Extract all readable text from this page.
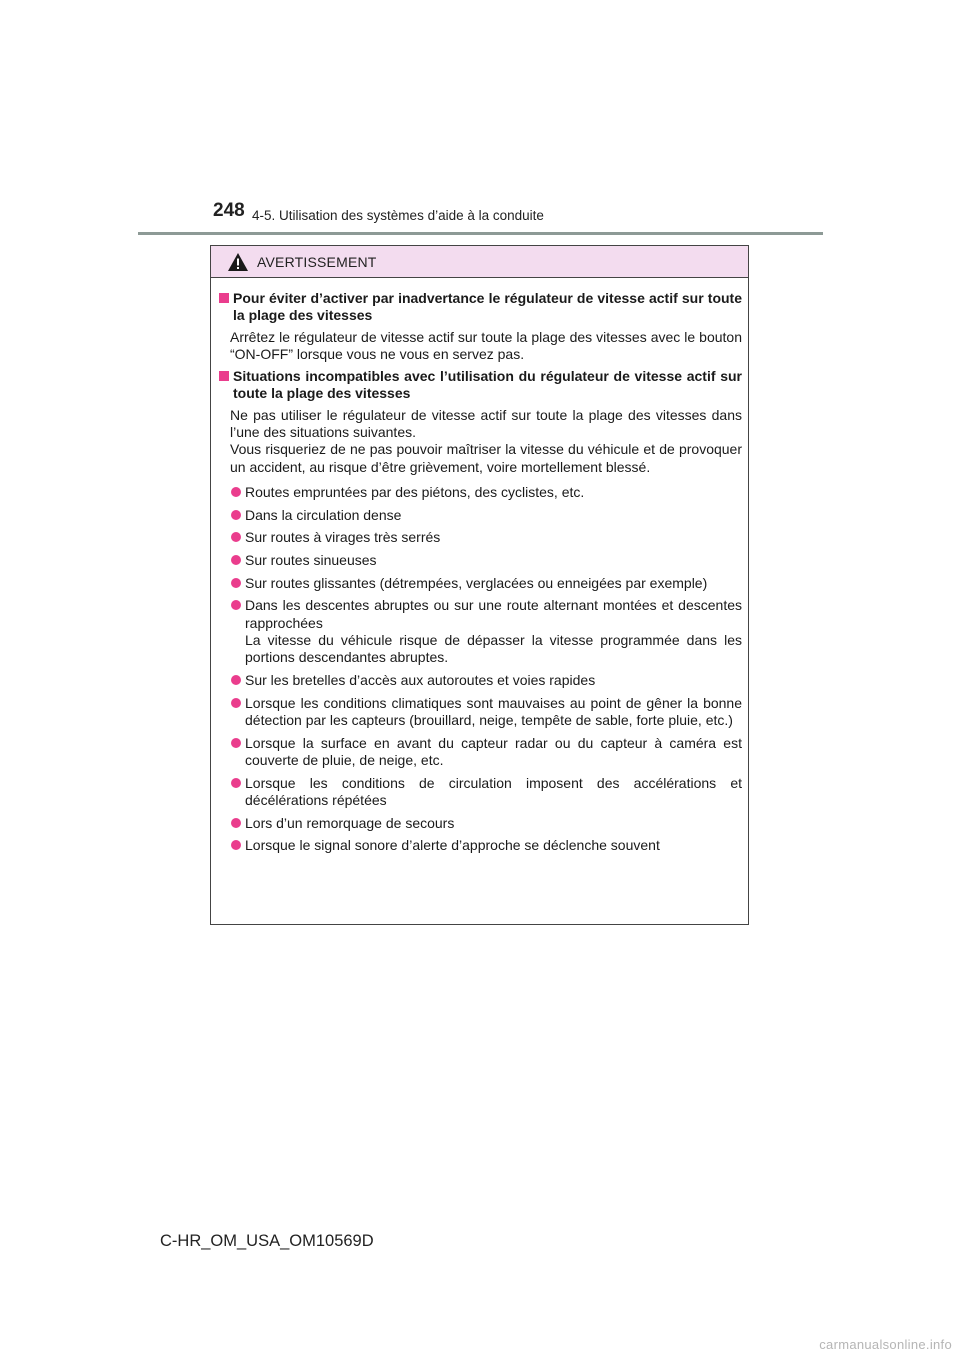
248 4-5. Utilisation des systèmes d’aide à la conduite
AVERTISSEMENT
Pour éviter d’activer par inadvertance le régulateur de vitesse actif sur toute la plage des vitesses
Arrêtez le régulateur de vitesse actif sur toute la plage des vitesses avec le bouton “ON-OFF” lorsque vous ne vous en servez pas.
Situations incompatibles avec l’utilisation du régulateur de vitesse actif sur toute la plage des vitesses
Ne pas utiliser le régulateur de vitesse actif sur toute la plage des vitesses dans l’une des situations suivantes.
Vous risqueriez de ne pas pouvoir maîtriser la vitesse du véhicule et de provoquer un accident, au risque d’être grièvement, voire mortellement blessé.
Routes empruntées par des piétons, des cyclistes, etc.
Dans la circulation dense
Sur routes à virages très serrés
Sur routes sinueuses
Sur routes glissantes (détrempées, verglacées ou enneigées par exemple)
Dans les descentes abruptes ou sur une route alternant montées et descentes rapprochées
La vitesse du véhicule risque de dépasser la vitesse programmée dans les portions descendantes abruptes.
Sur les bretelles d’accès aux autoroutes et voies rapides
Lorsque les conditions climatiques sont mauvaises au point de gêner la bonne détection par les capteurs (brouillard, neige, tempête de sable, forte pluie, etc.)
Lorsque la surface en avant du capteur radar ou du capteur à caméra est couverte de pluie, de neige, etc.
Lorsque les conditions de circulation imposent des accélérations et décélérations répétées
Lors d’un remorquage de secours
Lorsque le signal sonore d’alerte d’approche se déclenche souvent
C-HR_OM_USA_OM10569D
carmanualsonline.info
